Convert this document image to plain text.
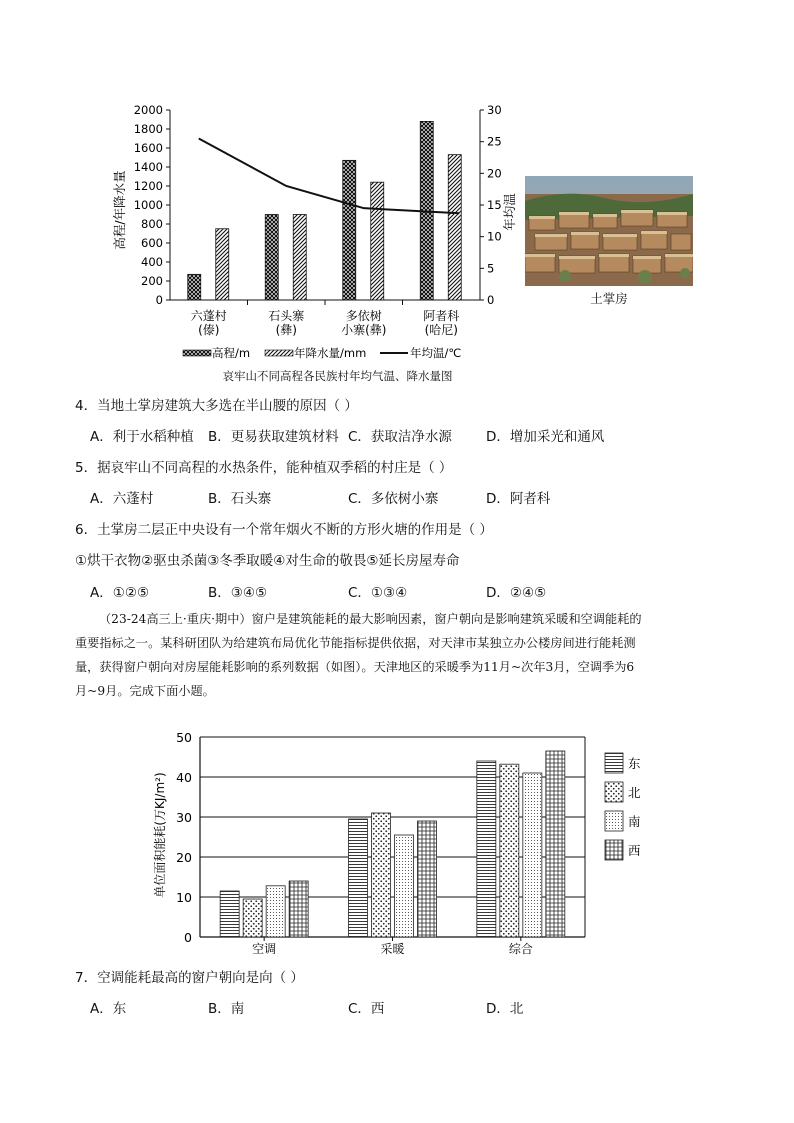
0
200
400
600
800
1000
1200
1400
1600
1800
2000
0
5
10
15
20
25
30
六蓬村
(傣)
石头寨
(彝)
多依树
小寨(彝)
阿者科
(哈尼)
高程/年降水量	年均温
高程/m	年降水量/mm	年均温/℃
土掌房
哀牢山不同高程各民族村年均气温、降水量图
4．当地土掌房建筑大多选在半山腰的原因（ ）
A．利于水稻种植 B．更易获取建筑材料 C．获取洁净水源	D．增加采光和通风
5．据哀牢山不同高程的水热条件，能种植双季稻的村庄是（ ）
A．六蓬村	B．石头寨	C．多依树小寨	D．阿者科
6．土掌房二层正中央设有一个常年烟火不断的方形火塘的作用是（ ）
①烘干衣物②驱虫杀菌③冬季取暖④对生命的敬畏⑤延长房屋寿命
A．①②⑤	B．③④⑤	C．①③④	D．②④⑤
（23-24高三上·重庆·期中）窗户是建筑能耗的最大影响因素，窗户朝向是影响建筑采暖和空调能耗的
重要指标之一。某科研团队为给建筑布局优化节能指标提供依据，对天津市某独立办公楼房间进行能耗测
量，获得窗户朝向对房屋能耗影响的系列数据（如图）。天津地区的采暖季为11月~次年3月，空调季为6
月~9月。完成下面小题。
0
10
20
30
40
50
空调	采暖	综合
东
北
南
西
单位面积能耗(万KJ/m²)
7．空调能耗最高的窗户朝向是向（ ）
A．东	B．南	C．西	D．北
